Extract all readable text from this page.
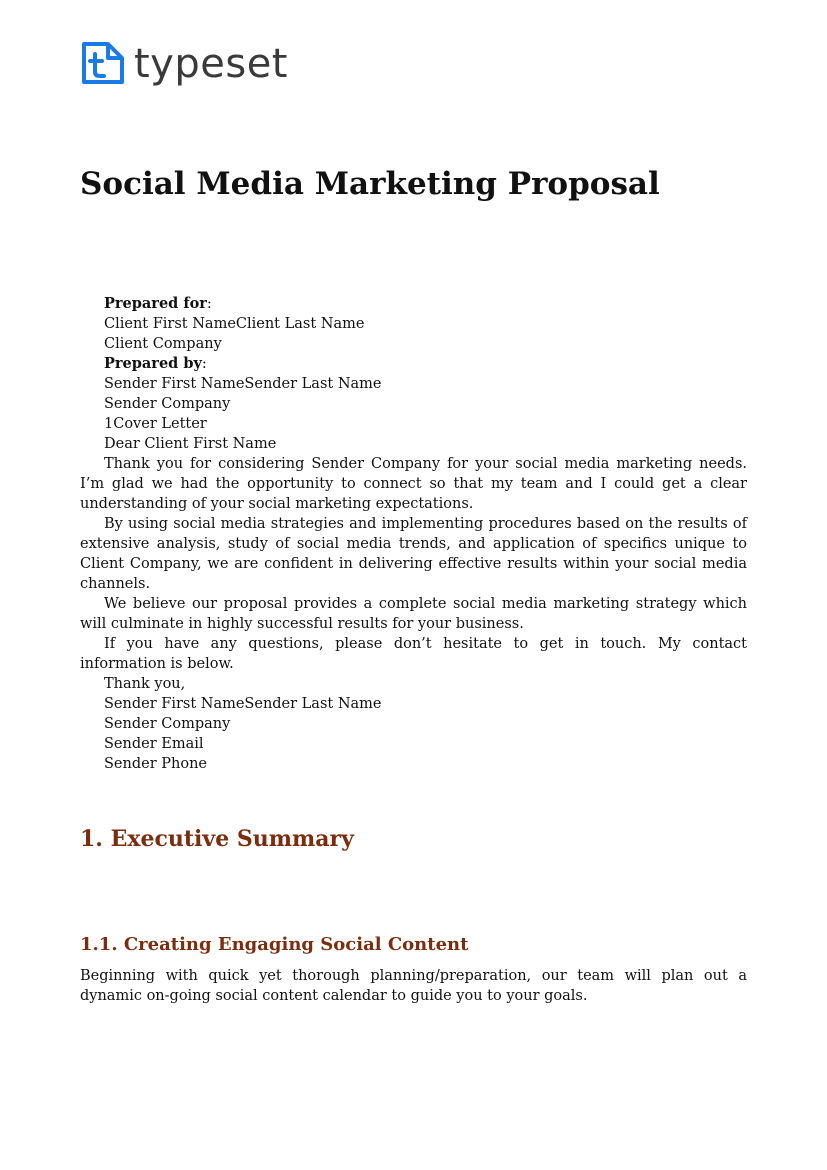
typeset
Social Media Marketing Proposal

Prepared for:

Client First NameClient Last Name

Client Company

Prepared by:

Sender First NameSender Last Name

Sender Company

1Cover Letter

Dear Client First Name

Thank you for considering Sender Company for your social media marketing needs. I’m glad we had the opportunity to connect so that my team and I could get a clear understanding of your social marketing expectations.

By using social media strategies and implementing procedures based on the results of extensive analysis, study of social media trends, and application of specifics unique to Client Company, we are confident in delivering effective results within your social media channels.

We believe our proposal provides a complete social media marketing strategy which will culminate in highly successful results for your business.

If you have any questions, please don’t hesitate to get in touch. My contact information is below.

Thank you,

Sender First NameSender Last Name

Sender Company

Sender Email

Sender Phone

1. Executive Summary
1.1. Creating Engaging Social Content

Beginning with quick yet thorough planning/preparation, our team will plan out a dynamic on-going social content calendar to guide you to your goals.
